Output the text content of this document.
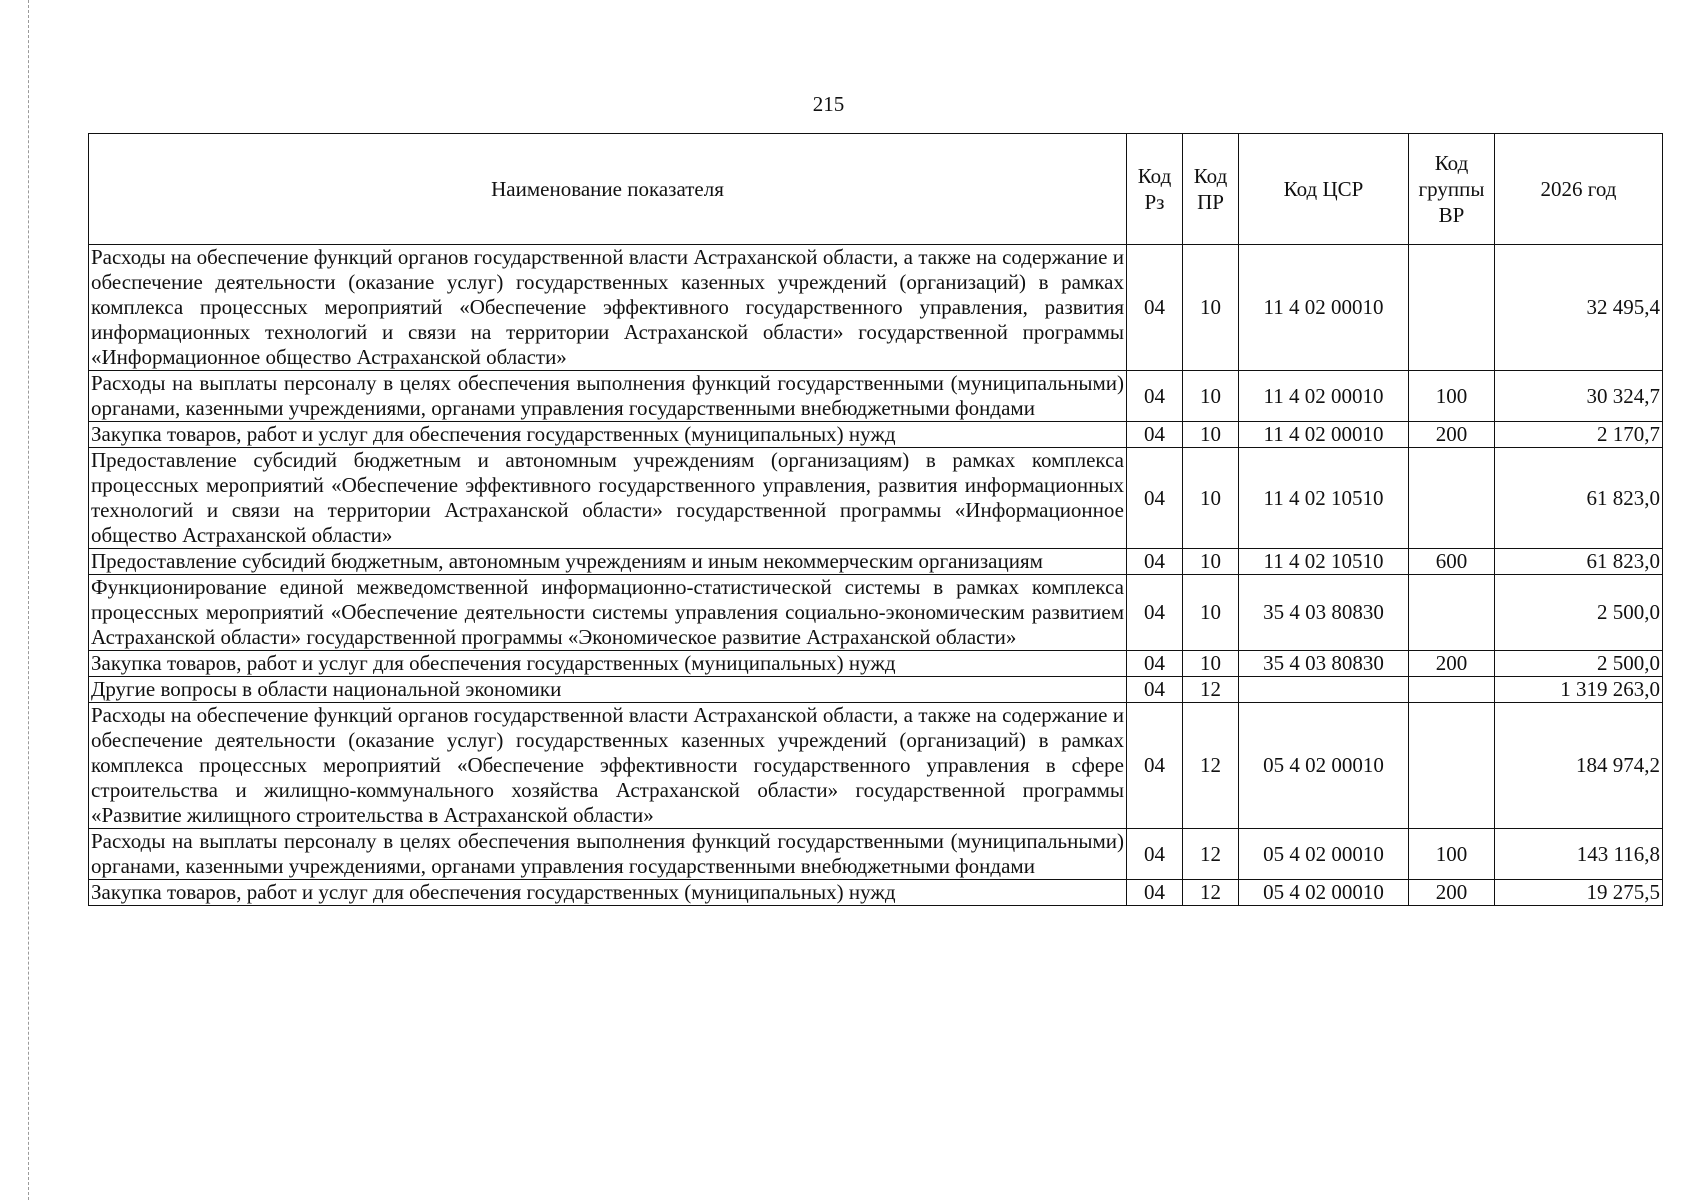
215
Наименование показателя	Код Рз	Код ПР	Код ЦСР	Код группы ВР	2026 год
Расходы на обеспечение функций органов государственной власти Астраханской области, а также на содержание и обеспечение деятельности (оказание услуг) государственных казенных учреждений (организаций) в рамках комплекса процессных мероприятий «Обеспечение эффективного государственного управления, развития информационных технологий и связи на территории Астраханской области» государственной программы «Информационное общество Астраханской области»	04	10	11 4 02 00010		32 495,4
Расходы на выплаты персоналу в целях обеспечения выполнения функций государственными (муниципальными) органами, казенными учреждениями, органами управления государственными внебюджетными фондами	04	10	11 4 02 00010	100	30 324,7
Закупка товаров, работ и услуг для обеспечения государственных (муниципальных) нужд	04	10	11 4 02 00010	200	2 170,7
Предоставление субсидий бюджетным и автономным учреждениям (организациям) в рамках комплекса процессных мероприятий «Обеспечение эффективного государственного управления, развития информационных технологий и связи на территории Астраханской области» государственной программы «Информационное общество Астраханской области»	04	10	11 4 02 10510		61 823,0
Предоставление субсидий бюджетным, автономным учреждениям и иным некоммерческим организациям	04	10	11 4 02 10510	600	61 823,0
Функционирование единой межведомственной информационно-статистической системы в рамках комплекса процессных мероприятий «Обеспечение деятельности системы управления социально-экономическим развитием Астраханской области» государственной программы «Экономическое развитие Астраханской области»	04	10	35 4 03 80830		2 500,0
Закупка товаров, работ и услуг для обеспечения государственных (муниципальных) нужд	04	10	35 4 03 80830	200	2 500,0
Другие вопросы в области национальной экономики	04	12			1 319 263,0
Расходы на обеспечение функций органов государственной власти Астраханской области, а также на содержание и обеспечение деятельности (оказание услуг) государственных казенных учреждений (организаций) в рамках комплекса процессных мероприятий «Обеспечение эффективности государственного управления в сфере строительства и жилищно-коммунального хозяйства Астраханской области» государственной программы «Развитие жилищного строительства в Астраханской области»	04	12	05 4 02 00010		184 974,2
Расходы на выплаты персоналу в целях обеспечения выполнения функций государственными (муниципальными) органами, казенными учреждениями, органами управления государственными внебюджетными фондами	04	12	05 4 02 00010	100	143 116,8
Закупка товаров, работ и услуг для обеспечения государственных (муниципальных) нужд	04	12	05 4 02 00010	200	19 275,5
